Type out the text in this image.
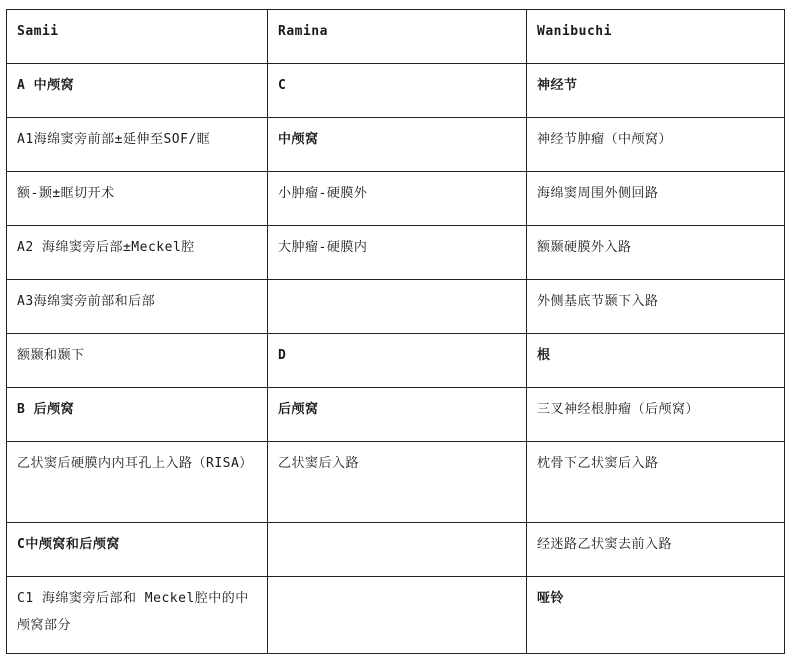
Samii	Ramina	Wanibuchi
A 中颅窝	C	神经节
A1海绵窦旁前部±延伸至SOF/眶	中颅窝	神经节肿瘤（中颅窝）
额-颞±眶切开术	小肿瘤-硬膜外	海绵窦周围外侧回路
A2 海绵窦旁后部±Meckel腔	大肿瘤-硬膜内	额颞硬膜外入路
A3海绵窦旁前部和后部		外侧基底节颞下入路
额颞和颞下	D	根
B 后颅窝	后颅窝	三叉神经根肿瘤（后颅窝）
乙状窦后硬膜内内耳孔上入路（RISA）	乙状窦后入路	枕骨下乙状窦后入路
C中颅窝和后颅窝		经迷路乙状窦去前入路
C1 海绵窦旁后部和 Meckel腔中的中颅窝部分		哑铃
